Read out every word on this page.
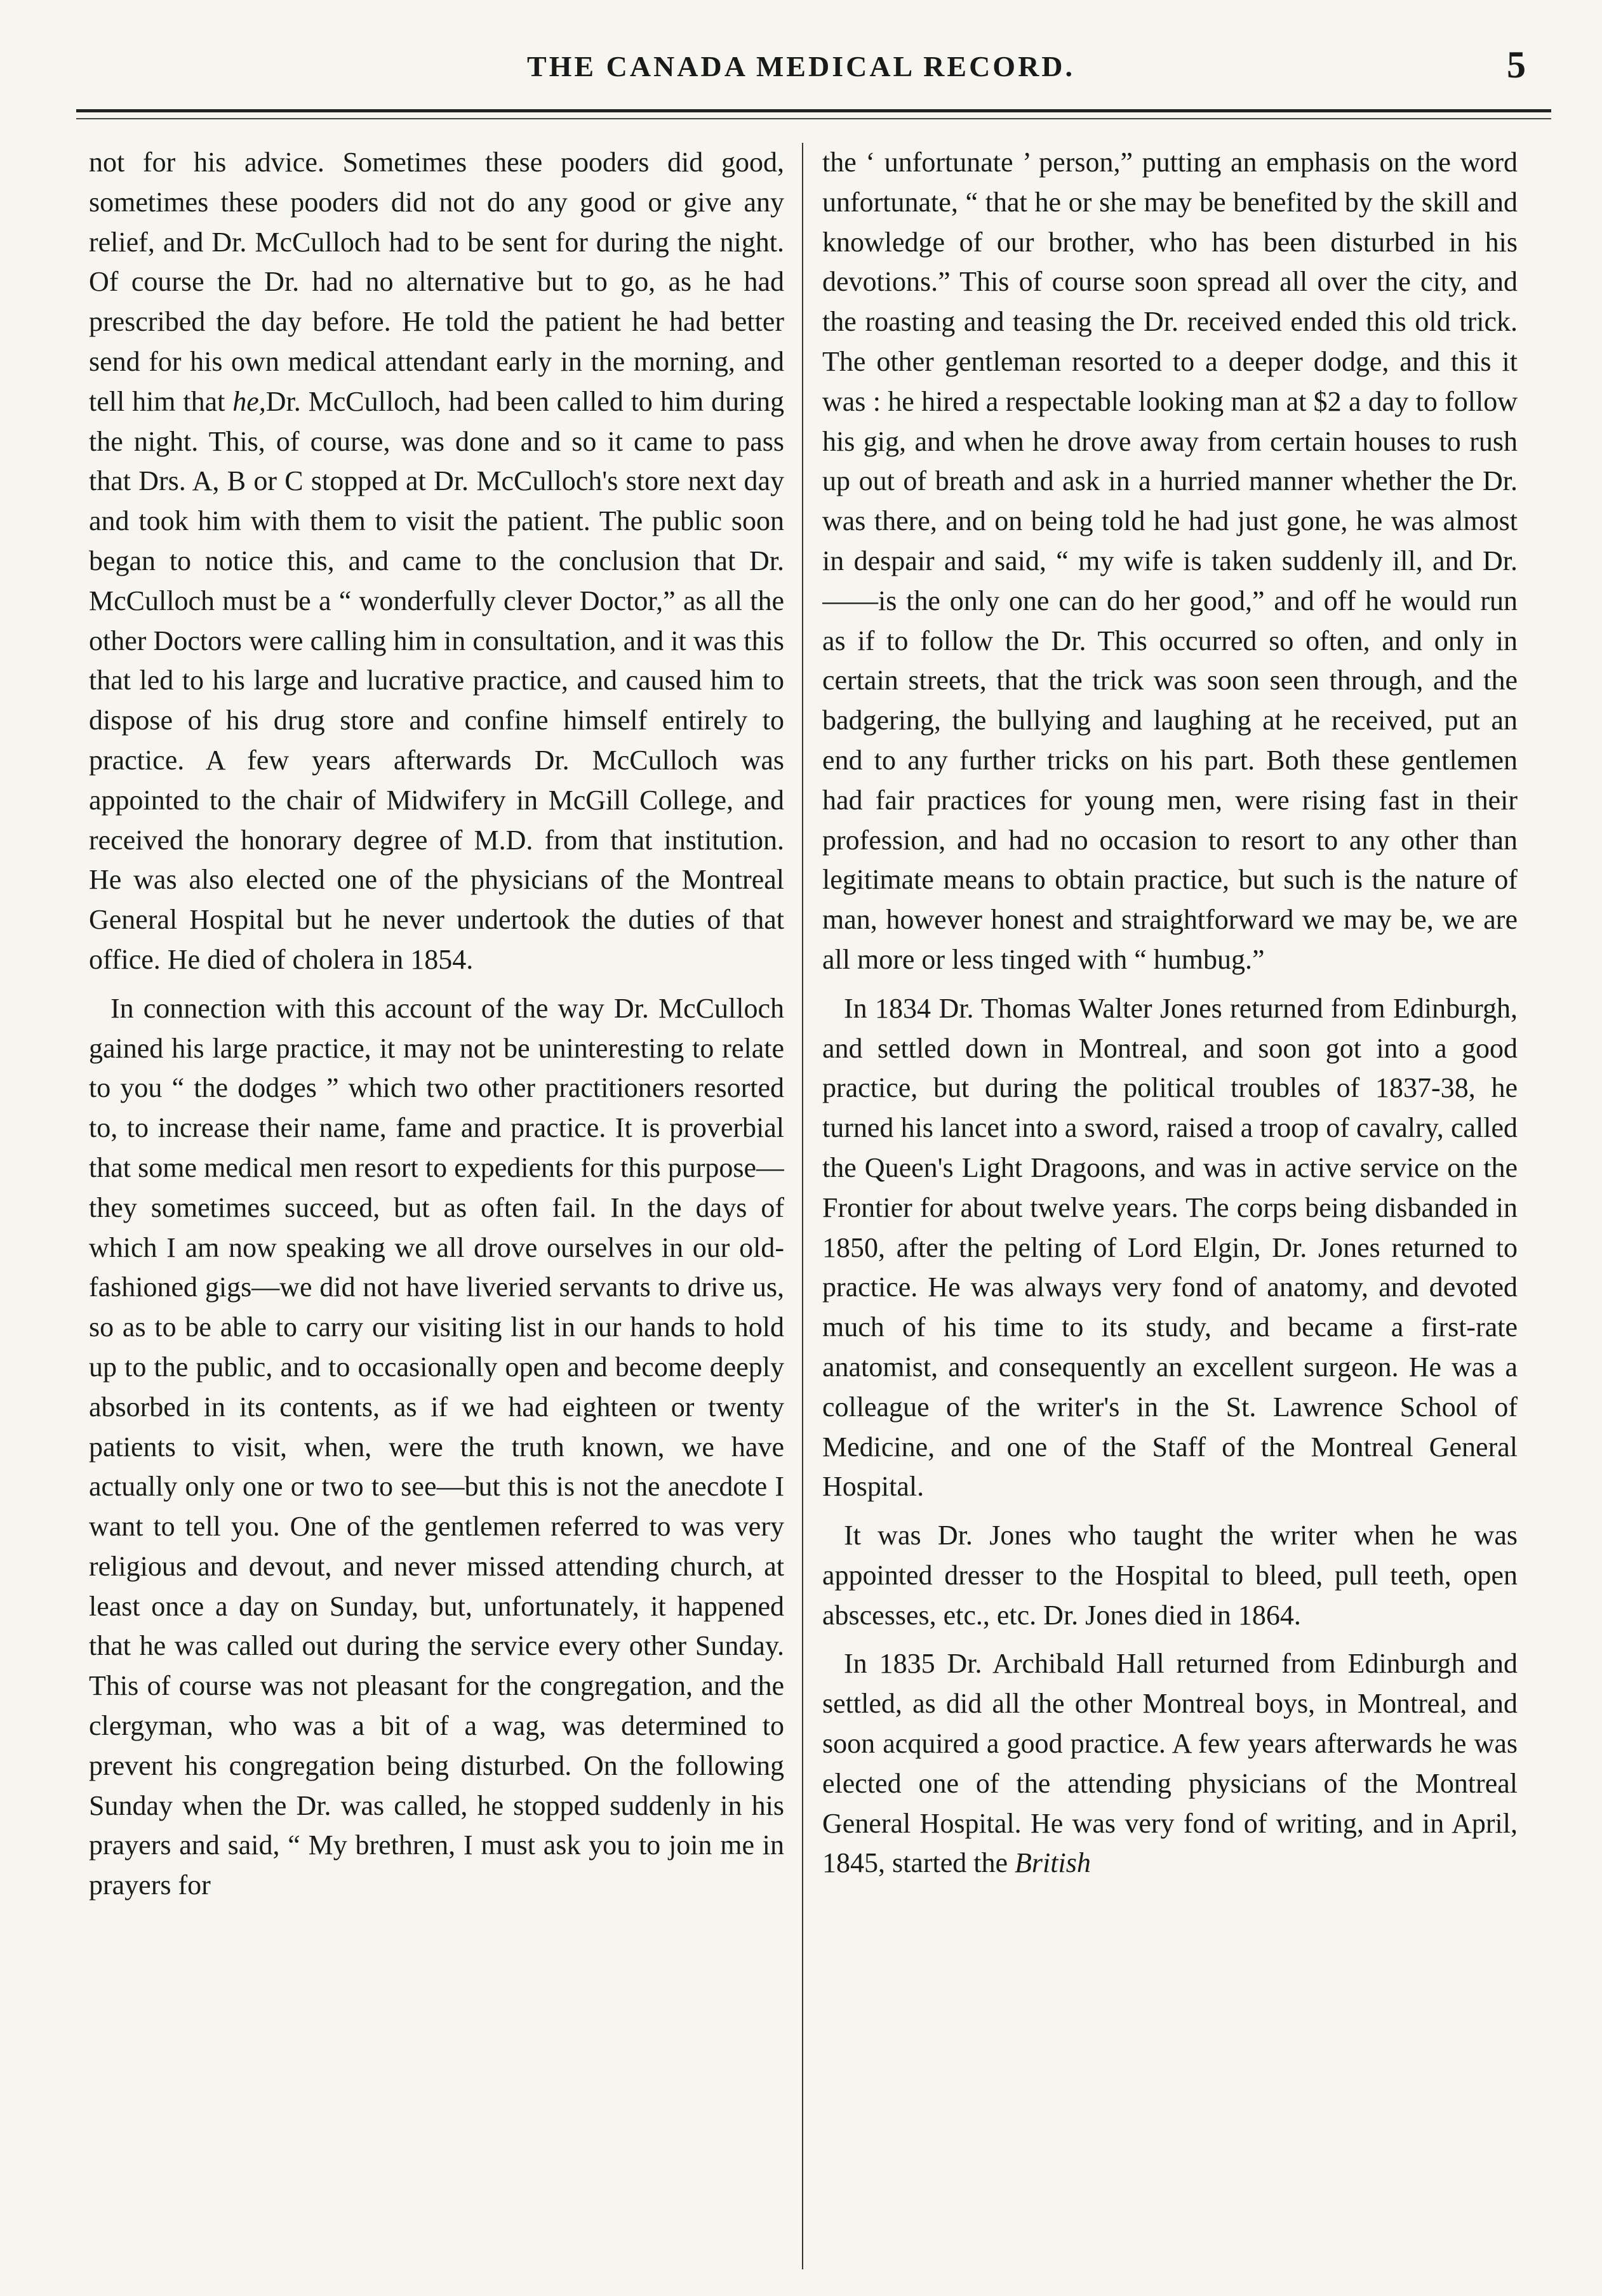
THE CANADA MEDICAL RECORD.	5

not for his advice. Sometimes these pooders did good, sometimes these pooders did not do any good or give any relief, and Dr. McCulloch had to be sent for during the night. Of course the Dr. had no alternative but to go, as he had prescribed the day before. He told the patient he had better send for his own medical attendant early in the morning, and tell him that he,Dr. McCulloch, had been called to him during the night. This, of course, was done and so it came to pass that Drs. A, B or C stopped at Dr. McCulloch's store next day and took him with them to visit the patient. The public soon began to notice this, and came to the conclusion that Dr. McCulloch must be a “ wonderfully clever Doctor,” as all the other Doctors were calling him in consultation, and it was this that led to his large and lucrative practice, and caused him to dispose of his drug store and confine himself entirely to practice. A few years afterwards Dr. McCulloch was appointed to the chair of Midwifery in McGill College, and received the honorary degree of M.D. from that institution. He was also elected one of the physicians of the Montreal General Hospital but he never undertook the duties of that office. He died of cholera in 1854.

In connection with this account of the way Dr. McCulloch gained his large practice, it may not be uninteresting to relate to you “ the dodges ” which two other practitioners resorted to, to increase their name, fame and practice. It is proverbial that some medical men resort to expedients for this purpose—they sometimes succeed, but as often fail. In the days of which I am now speaking we all drove ourselves in our old-fashioned gigs—we did not have liveried servants to drive us, so as to be able to carry our visiting list in our hands to hold up to the public, and to occasionally open and become deeply absorbed in its contents, as if we had eighteen or twenty patients to visit, when, were the truth known, we have actually only one or two to see—but this is not the anecdote I want to tell you. One of the gentlemen referred to was very religious and devout, and never missed attending church, at least once a day on Sunday, but, unfortunately, it happened that he was called out during the service every other Sunday. This of course was not pleasant for the congregation, and the clergyman, who was a bit of a wag, was determined to prevent his congregation being disturbed. On the following Sunday when the Dr. was called, he stopped suddenly in his prayers and said, “ My brethren, I must ask you to join me in prayers for

the ‘ unfortunate ’ person,” putting an emphasis on the word unfortunate, “ that he or she may be benefited by the skill and knowledge of our brother, who has been disturbed in his devotions.” This of course soon spread all over the city, and the roasting and teasing the Dr. received ended this old trick. The other gentleman resorted to a deeper dodge, and this it was : he hired a respectable looking man at $2 a day to follow his gig, and when he drove away from certain houses to rush up out of breath and ask in a hurried manner whether the Dr. was there, and on being told he had just gone, he was almost in despair and said, “ my wife is taken suddenly ill, and Dr. ——is the only one can do her good,” and off he would run as if to follow the Dr. This occurred so often, and only in certain streets, that the trick was soon seen through, and the badgering, the bullying and laughing at he received, put an end to any further tricks on his part. Both these gentlemen had fair practices for young men, were rising fast in their profession, and had no occasion to resort to any other than legitimate means to obtain practice, but such is the nature of man, however honest and straightforward we may be, we are all more or less tinged with “ humbug.”

In 1834 Dr. Thomas Walter Jones returned from Edinburgh, and settled down in Montreal, and soon got into a good practice, but during the political troubles of 1837-38, he turned his lancet into a sword, raised a troop of cavalry, called the Queen's Light Dragoons, and was in active service on the Frontier for about twelve years. The corps being disbanded in 1850, after the pelting of Lord Elgin, Dr. Jones returned to practice. He was always very fond of anatomy, and devoted much of his time to its study, and became a first-rate anatomist, and consequently an excellent surgeon. He was a colleague of the writer's in the St. Lawrence School of Medicine, and one of the Staff of the Montreal General Hospital.

It was Dr. Jones who taught the writer when he was appointed dresser to the Hospital to bleed, pull teeth, open abscesses, etc., etc. Dr. Jones died in 1864.

In 1835 Dr. Archibald Hall returned from Edinburgh and settled, as did all the other Montreal boys, in Montreal, and soon acquired a good practice. A few years afterwards he was elected one of the attending physicians of the Montreal General Hospital. He was very fond of writing, and in April, 1845, started the British
